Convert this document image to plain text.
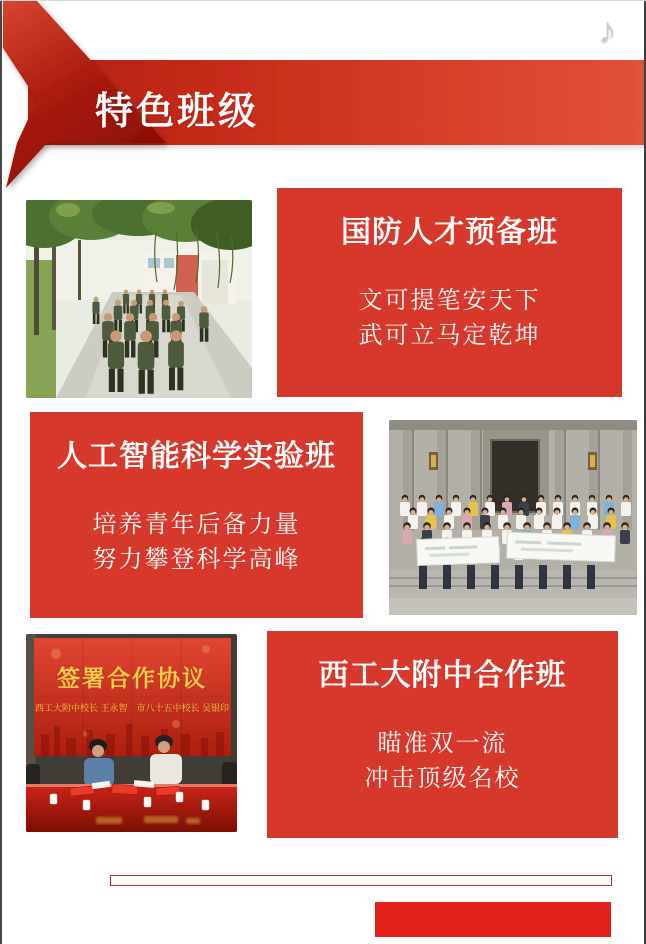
特色班级
♪
国防人才预备班
文可提笔安天下
武可立马定乾坤
人工智能科学实验班
培养青年后备力量
努力攀登科学高峰
签署合作协议
西工大附中校长 王永智　市八十五中校长 吴银印
西工大附中合作班
瞄准双一流
冲击顶级名校
